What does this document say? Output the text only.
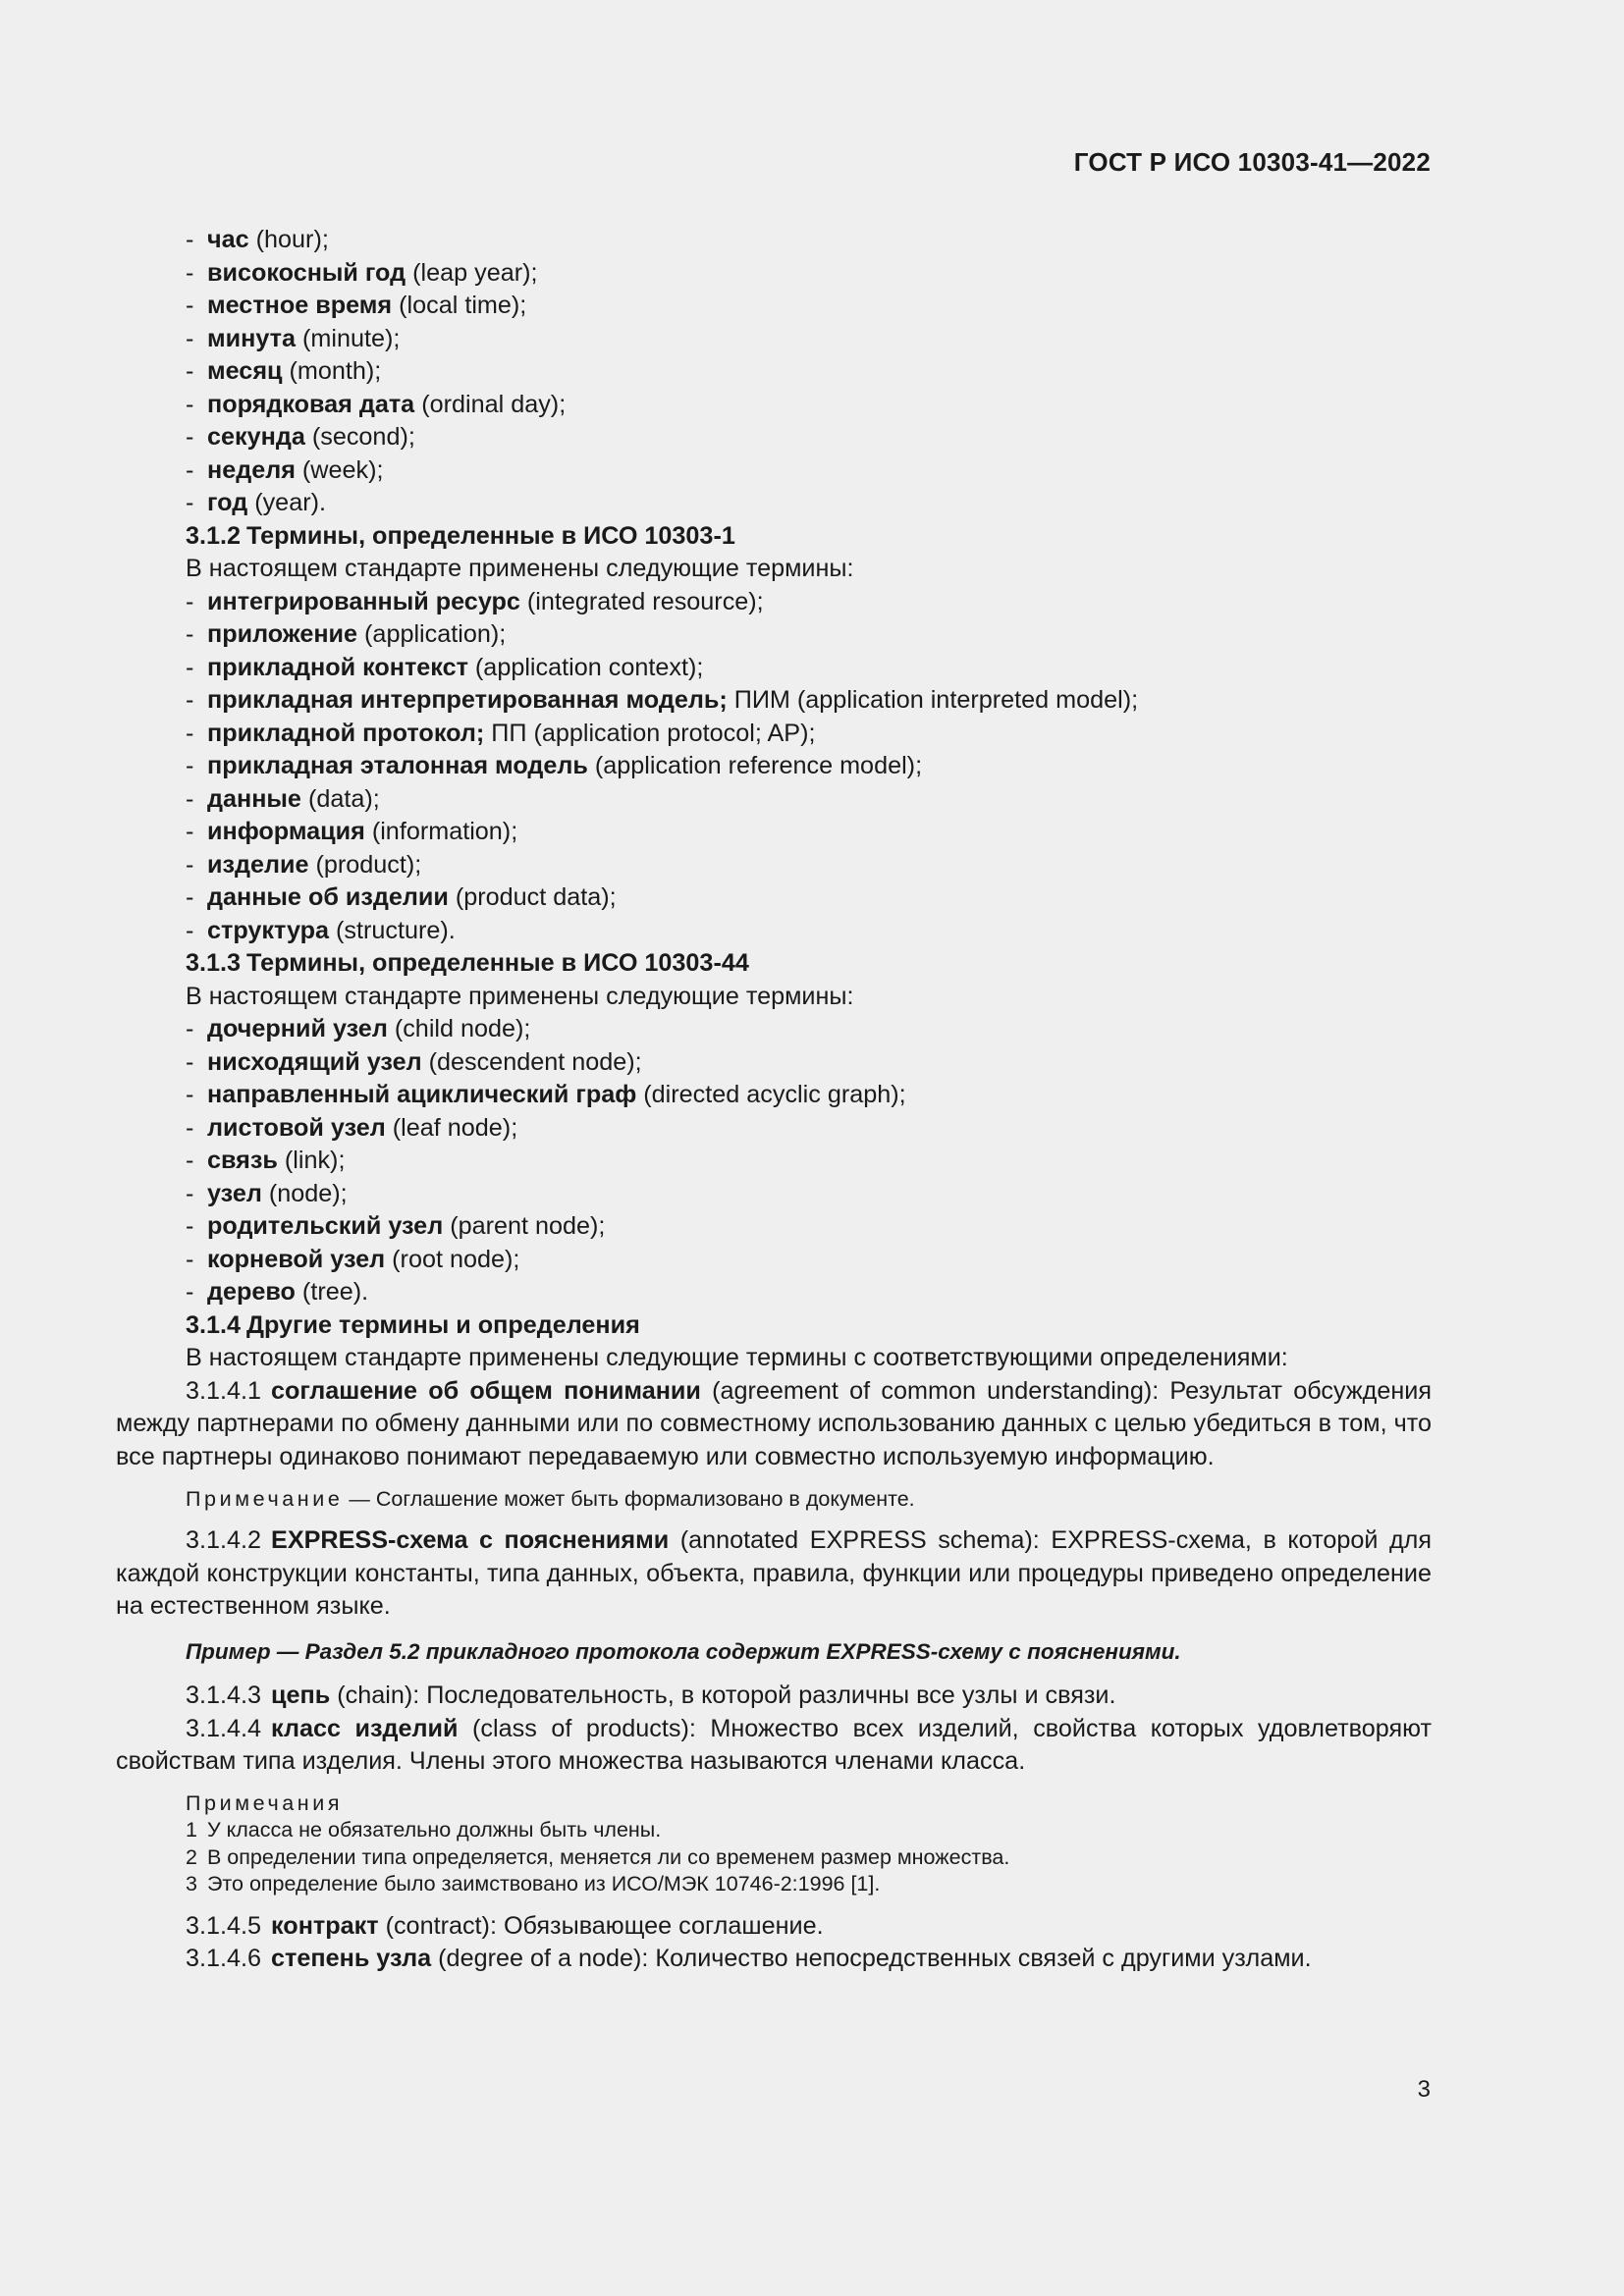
ГОСТ Р ИСО 10303-41—2022
- час (hour);
- високосный год (leap year);
- местное время (local time);
- минута (minute);
- месяц (month);
- порядковая дата (ordinal day);
- секунда (second);
- неделя (week);
- год (year).
3.1.2 Термины, определенные в ИСО 10303-1
В настоящем стандарте применены следующие термины:
- интегрированный ресурс (integrated resource);
- приложение (application);
- прикладной контекст (application context);
- прикладная интерпретированная модель; ПИМ (application interpreted model);
- прикладной протокол; ПП (application protocol; AP);
- прикладная эталонная модель (application reference model);
- данные (data);
- информация (information);
- изделие (product);
- данные об изделии (product data);
- структура (structure).
3.1.3 Термины, определенные в ИСО 10303-44
В настоящем стандарте применены следующие термины:
- дочерний узел (child node);
- нисходящий узел (descendent node);
- направленный ациклический граф (directed acyclic graph);
- листовой узел (leaf node);
- связь (link);
- узел (node);
- родительский узел (parent node);
- корневой узел (root node);
- дерево (tree).
3.1.4 Другие термины и определения
В настоящем стандарте применены следующие термины с соответствующими определениями:
3.1.4.1 соглашение об общем понимании (agreement of common understanding): Результат обсуждения между партнерами по обмену данными или по совместному использованию данных с целью убедиться в том, что все партнеры одинаково понимают передаваемую или совместно используемую информацию.
Примечание — Соглашение может быть формализовано в документе.
3.1.4.2 EXPRESS-схема с пояснениями (annotated EXPRESS schema): EXPRESS-схема, в которой для каждой конструкции константы, типа данных, объекта, правила, функции или процедуры приведено определение на естественном языке.
Пример — Раздел 5.2 прикладного протокола содержит EXPRESS-схему с пояснениями.
3.1.4.3 цепь (chain): Последовательность, в которой различны все узлы и связи.
3.1.4.4 класс изделий (class of products): Множество всех изделий, свойства которых удовлетворяют свойствам типа изделия. Члены этого множества называются членами класса.
Примечания
1 У класса не обязательно должны быть члены.
2 В определении типа определяется, меняется ли со временем размер множества.
3 Это определение было заимствовано из ИСО/МЭК 10746-2:1996 [1].
3.1.4.5 контракт (contract): Обязывающее соглашение.
3.1.4.6 степень узла (degree of a node): Количество непосредственных связей с другими узлами.
3
